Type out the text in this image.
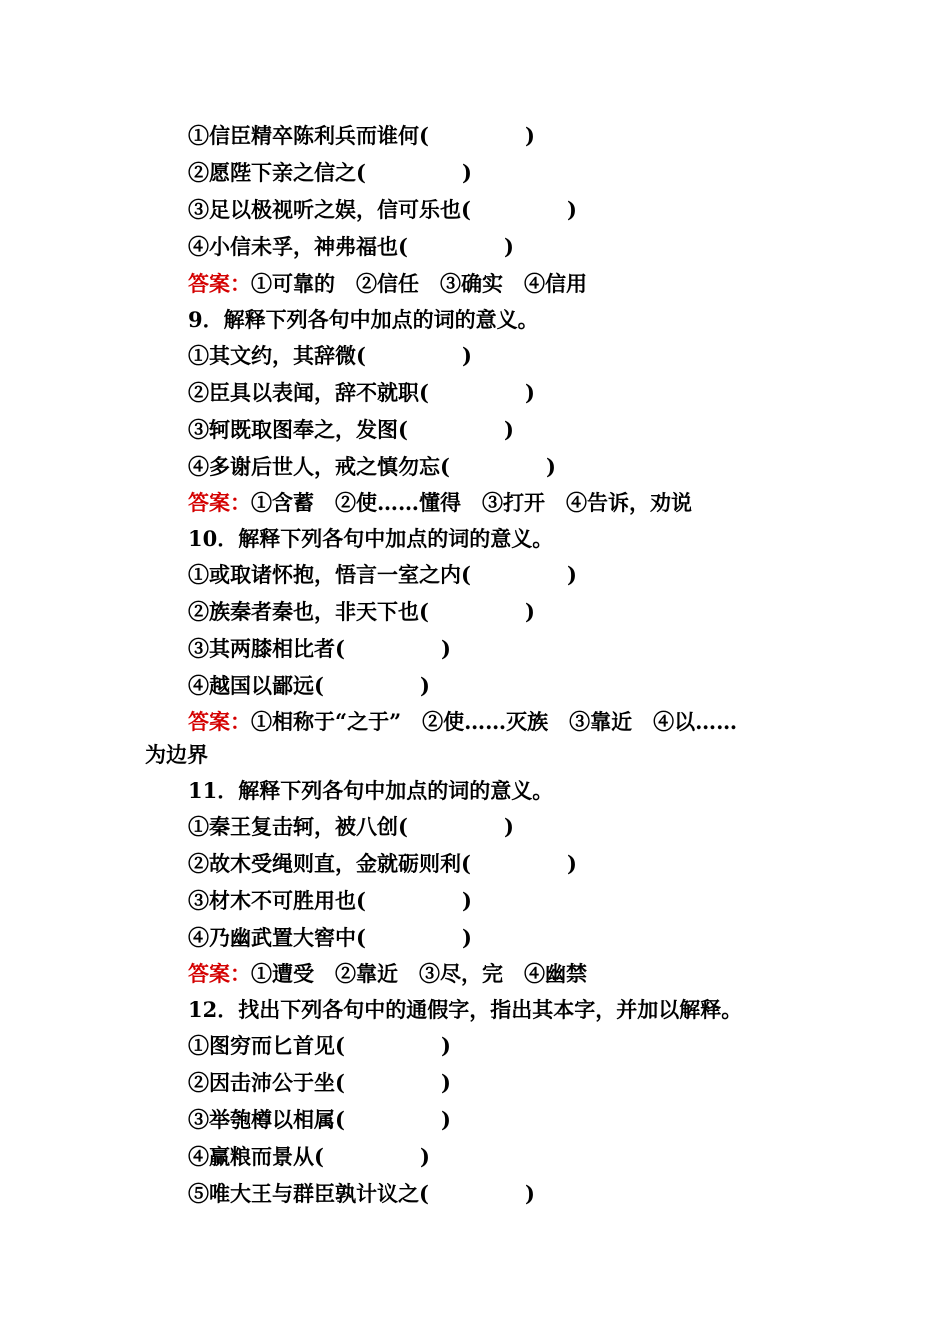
①信臣精卒陈利兵而谁何(	)
②愿陛下亲之信之(	)
③足以极视听之娱，信可乐也(	)
④小信未孚，神弗福也(	)
答案：①可靠的　②信任　③确实　④信用
9．解释下列各句中加点的词的意义。
①其文约，其辞微(	)
②臣具以表闻，辞不就职(	)
③轲既取图奉之，发图(	)
④多谢后世人，戒之慎勿忘(	)
答案：①含蓄　②使……懂得　③打开　④告诉，劝说
10．解释下列各句中加点的词的意义。
①或取诸怀抱，悟言一室之内(	)
②族秦者秦也，非天下也(	)
③其两膝相比者(	)
④越国以鄙远(	)
答案：①相称于“之于”　②使……灭族　③靠近　④以……
为边界
11．解释下列各句中加点的词的意义。
①秦王复击轲，被八创(	)
②故木受绳则直，金就砺则利(	)
③材木不可胜用也(	)
④乃幽武置大窖中(	)
答案：①遭受　②靠近　③尽，完　④幽禁
12．找出下列各句中的通假字，指出其本字，并加以解释。
①图穷而匕首见(	)
②因击沛公于坐(	)
③举匏樽以相属(	)
④赢粮而景从(	)
⑤唯大王与群臣孰计议之(	)
